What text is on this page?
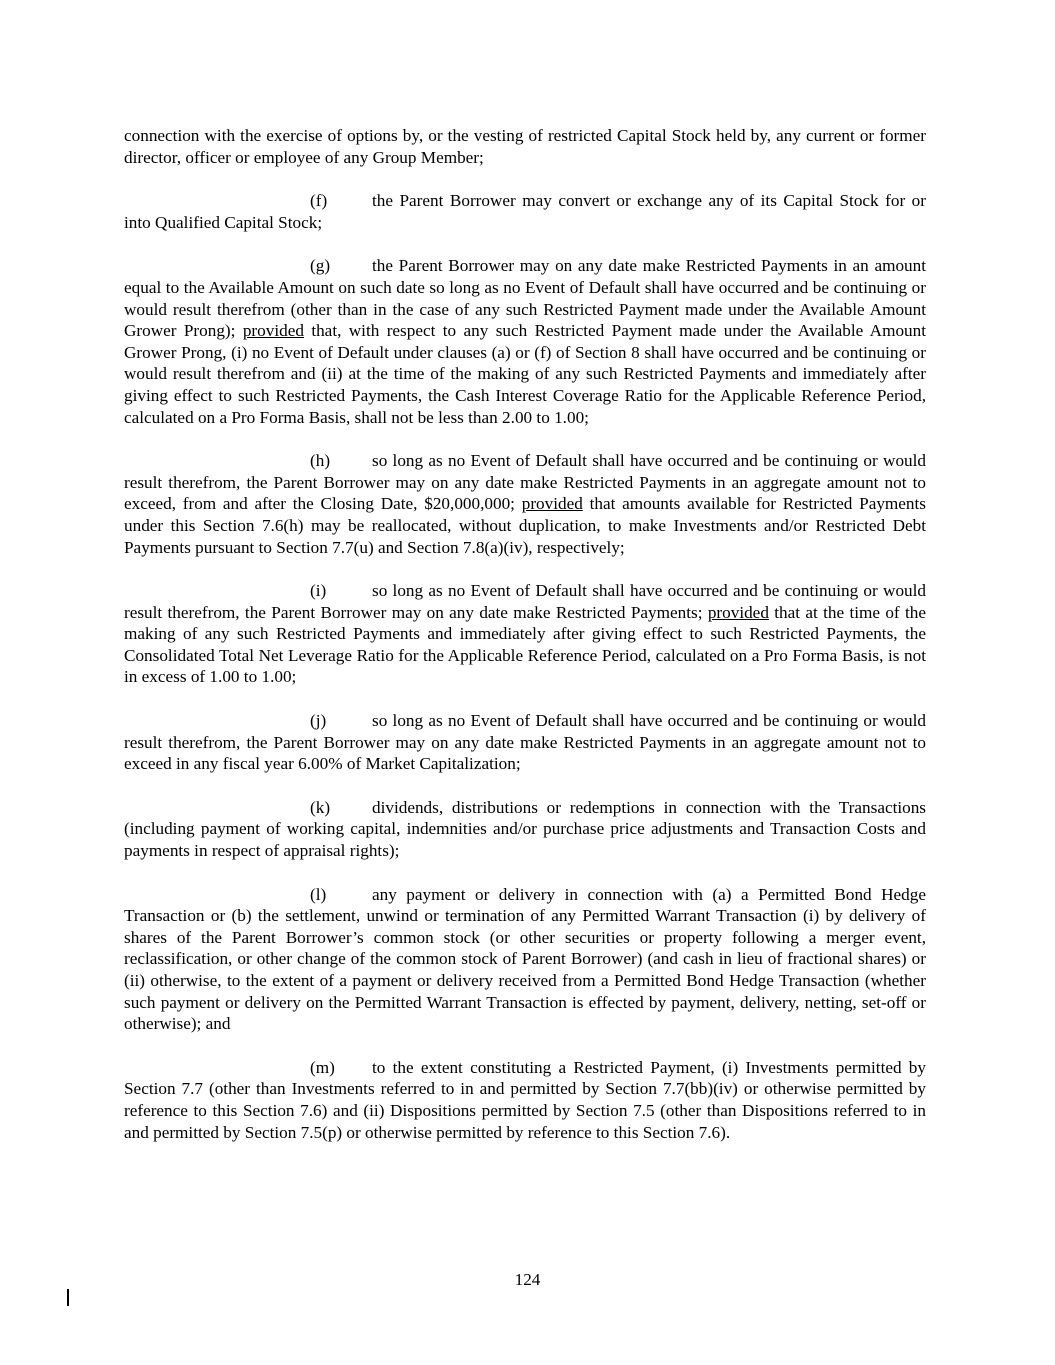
connection with the exercise of options by, or the vesting of restricted Capital Stock held by, any current or former director, officer or employee of any Group Member;

(f)	the Parent Borrower may convert or exchange any of its Capital Stock for or into Qualified Capital Stock;

(g) the Parent Borrower may on any date make Restricted Payments in an amount equal to the Available Amount on such date so long as no Event of Default shall have occurred and be continuing or would result therefrom (other than in the case of any such Restricted Payment made under the Available Amount Grower Prong); provided that, with respect to any such Restricted Payment made under the Available Amount Grower Prong, (i) no Event of Default under clauses (a) or (f) of Section 8 shall have occurred and be continuing or would result therefrom and (ii) at the time of the making of any such Restricted Payments and immediately after giving effect to such Restricted Payments, the Cash Interest Coverage Ratio for the Applicable Reference Period, calculated on a Pro Forma Basis, shall not be less than 2.00 to 1.00;

(h) so long as no Event of Default shall have occurred and be continuing or would result therefrom, the Parent Borrower may on any date make Restricted Payments in an aggregate amount not to exceed, from and after the Closing Date, $20,000,000; provided that amounts available for Restricted Payments under this Section 7.6(h) may be reallocated, without duplication, to make Investments and/or Restricted Debt Payments pursuant to Section 7.7(u) and Section 7.8(a)(iv), respectively;

(i)	so long as no Event of Default shall have occurred and be continuing or would result therefrom, the Parent Borrower may on any date make Restricted Payments; provided that at the time of the making of any such Restricted Payments and immediately after giving effect to such Restricted Payments, the Consolidated Total Net Leverage Ratio for the Applicable Reference Period, calculated on a Pro Forma Basis, is not in excess of 1.00 to 1.00;

(j)	so long as no Event of Default shall have occurred and be continuing or would result therefrom, the Parent Borrower may on any date make Restricted Payments in an aggregate amount not to exceed in any fiscal year 6.00% of Market Capitalization;

(k) dividends, distributions or redemptions in connection with the Transactions (including payment of working capital, indemnities and/or purchase price adjustments and Transaction Costs and payments in respect of appraisal rights);

(l)	any payment or delivery in connection with (a) a Permitted Bond Hedge Transaction or (b) the settlement, unwind or termination of any Permitted Warrant Transaction (i) by delivery of shares of the Parent Borrower’s common stock (or other securities or property following a merger event, reclassification, or other change of the common stock of Parent Borrower) (and cash in lieu of fractional shares) or (ii) otherwise, to the extent of a payment or delivery received from a Permitted Bond Hedge Transaction (whether such payment or delivery on the Permitted Warrant Transaction is effected by payment, delivery, netting, set-off or otherwise); and

(m) to the extent constituting a Restricted Payment, (i) Investments permitted by Section 7.7 (other than Investments referred to in and permitted by Section 7.7(bb)(iv) or otherwise permitted by reference to this Section 7.6) and (ii) Dispositions permitted by Section 7.5 (other than Dispositions referred to in and permitted by Section 7.5(p) or otherwise permitted by reference to this Section 7.6).

124
